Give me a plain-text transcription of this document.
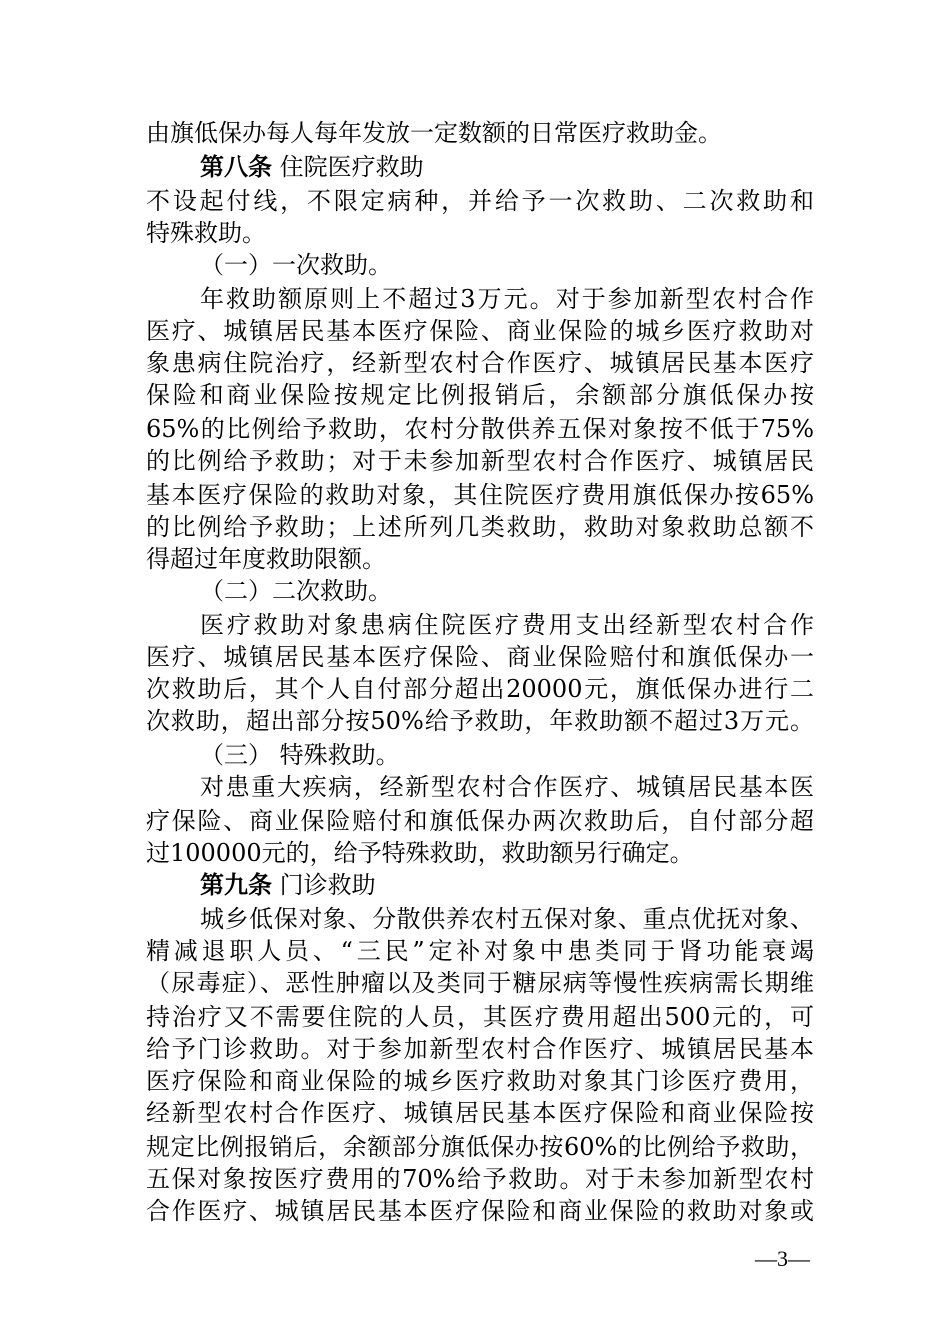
由旗低保办每人每年发放一定数额的日常医疗救助金。
第八条 住院医疗救助
不设起付线，不限定病种，并给予一次救助、二次救助和
特殊救助。
（一）一次救助。
年救助额原则上不超过3万元。对于参加新型农村合作
医疗、城镇居民基本医疗保险、商业保险的城乡医疗救助对
象患病住院治疗，经新型农村合作医疗、城镇居民基本医疗
保险和商业保险按规定比例报销后，余额部分旗低保办按
65%的比例给予救助，农村分散供养五保对象按不低于75%
的比例给予救助；对于未参加新型农村合作医疗、城镇居民
基本医疗保险的救助对象，其住院医疗费用旗低保办按65%
的比例给予救助；上述所列几类救助，救助对象救助总额不
得超过年度救助限额。
（二）二次救助。
医疗救助对象患病住院医疗费用支出经新型农村合作
医疗、城镇居民基本医疗保险、商业保险赔付和旗低保办一
次救助后，其个人自付部分超出20000元，旗低保办进行二
次救助，超出部分按50%给予救助，年救助额不超过3万元。
（三） 特殊救助。
对患重大疾病，经新型农村合作医疗、城镇居民基本医
疗保险、商业保险赔付和旗低保办两次救助后，自付部分超
过100000元的，给予特殊救助，救助额另行确定。
第九条 门诊救助
城乡低保对象、分散供养农村五保对象、重点优抚对象、
精减退职人员、“三民”定补对象中患类同于肾功能衰竭
（尿毒症）、恶性肿瘤以及类同于糖尿病等慢性疾病需长期维
持治疗又不需要住院的人员，其医疗费用超出500元的，可
给予门诊救助。对于参加新型农村合作医疗、城镇居民基本
医疗保险和商业保险的城乡医疗救助对象其门诊医疗费用，
经新型农村合作医疗、城镇居民基本医疗保险和商业保险按
规定比例报销后，余额部分旗低保办按60%的比例给予救助，
五保对象按医疗费用的70%给予救助。对于未参加新型农村
合作医疗、城镇居民基本医疗保险和商业保险的救助对象或
—3—
